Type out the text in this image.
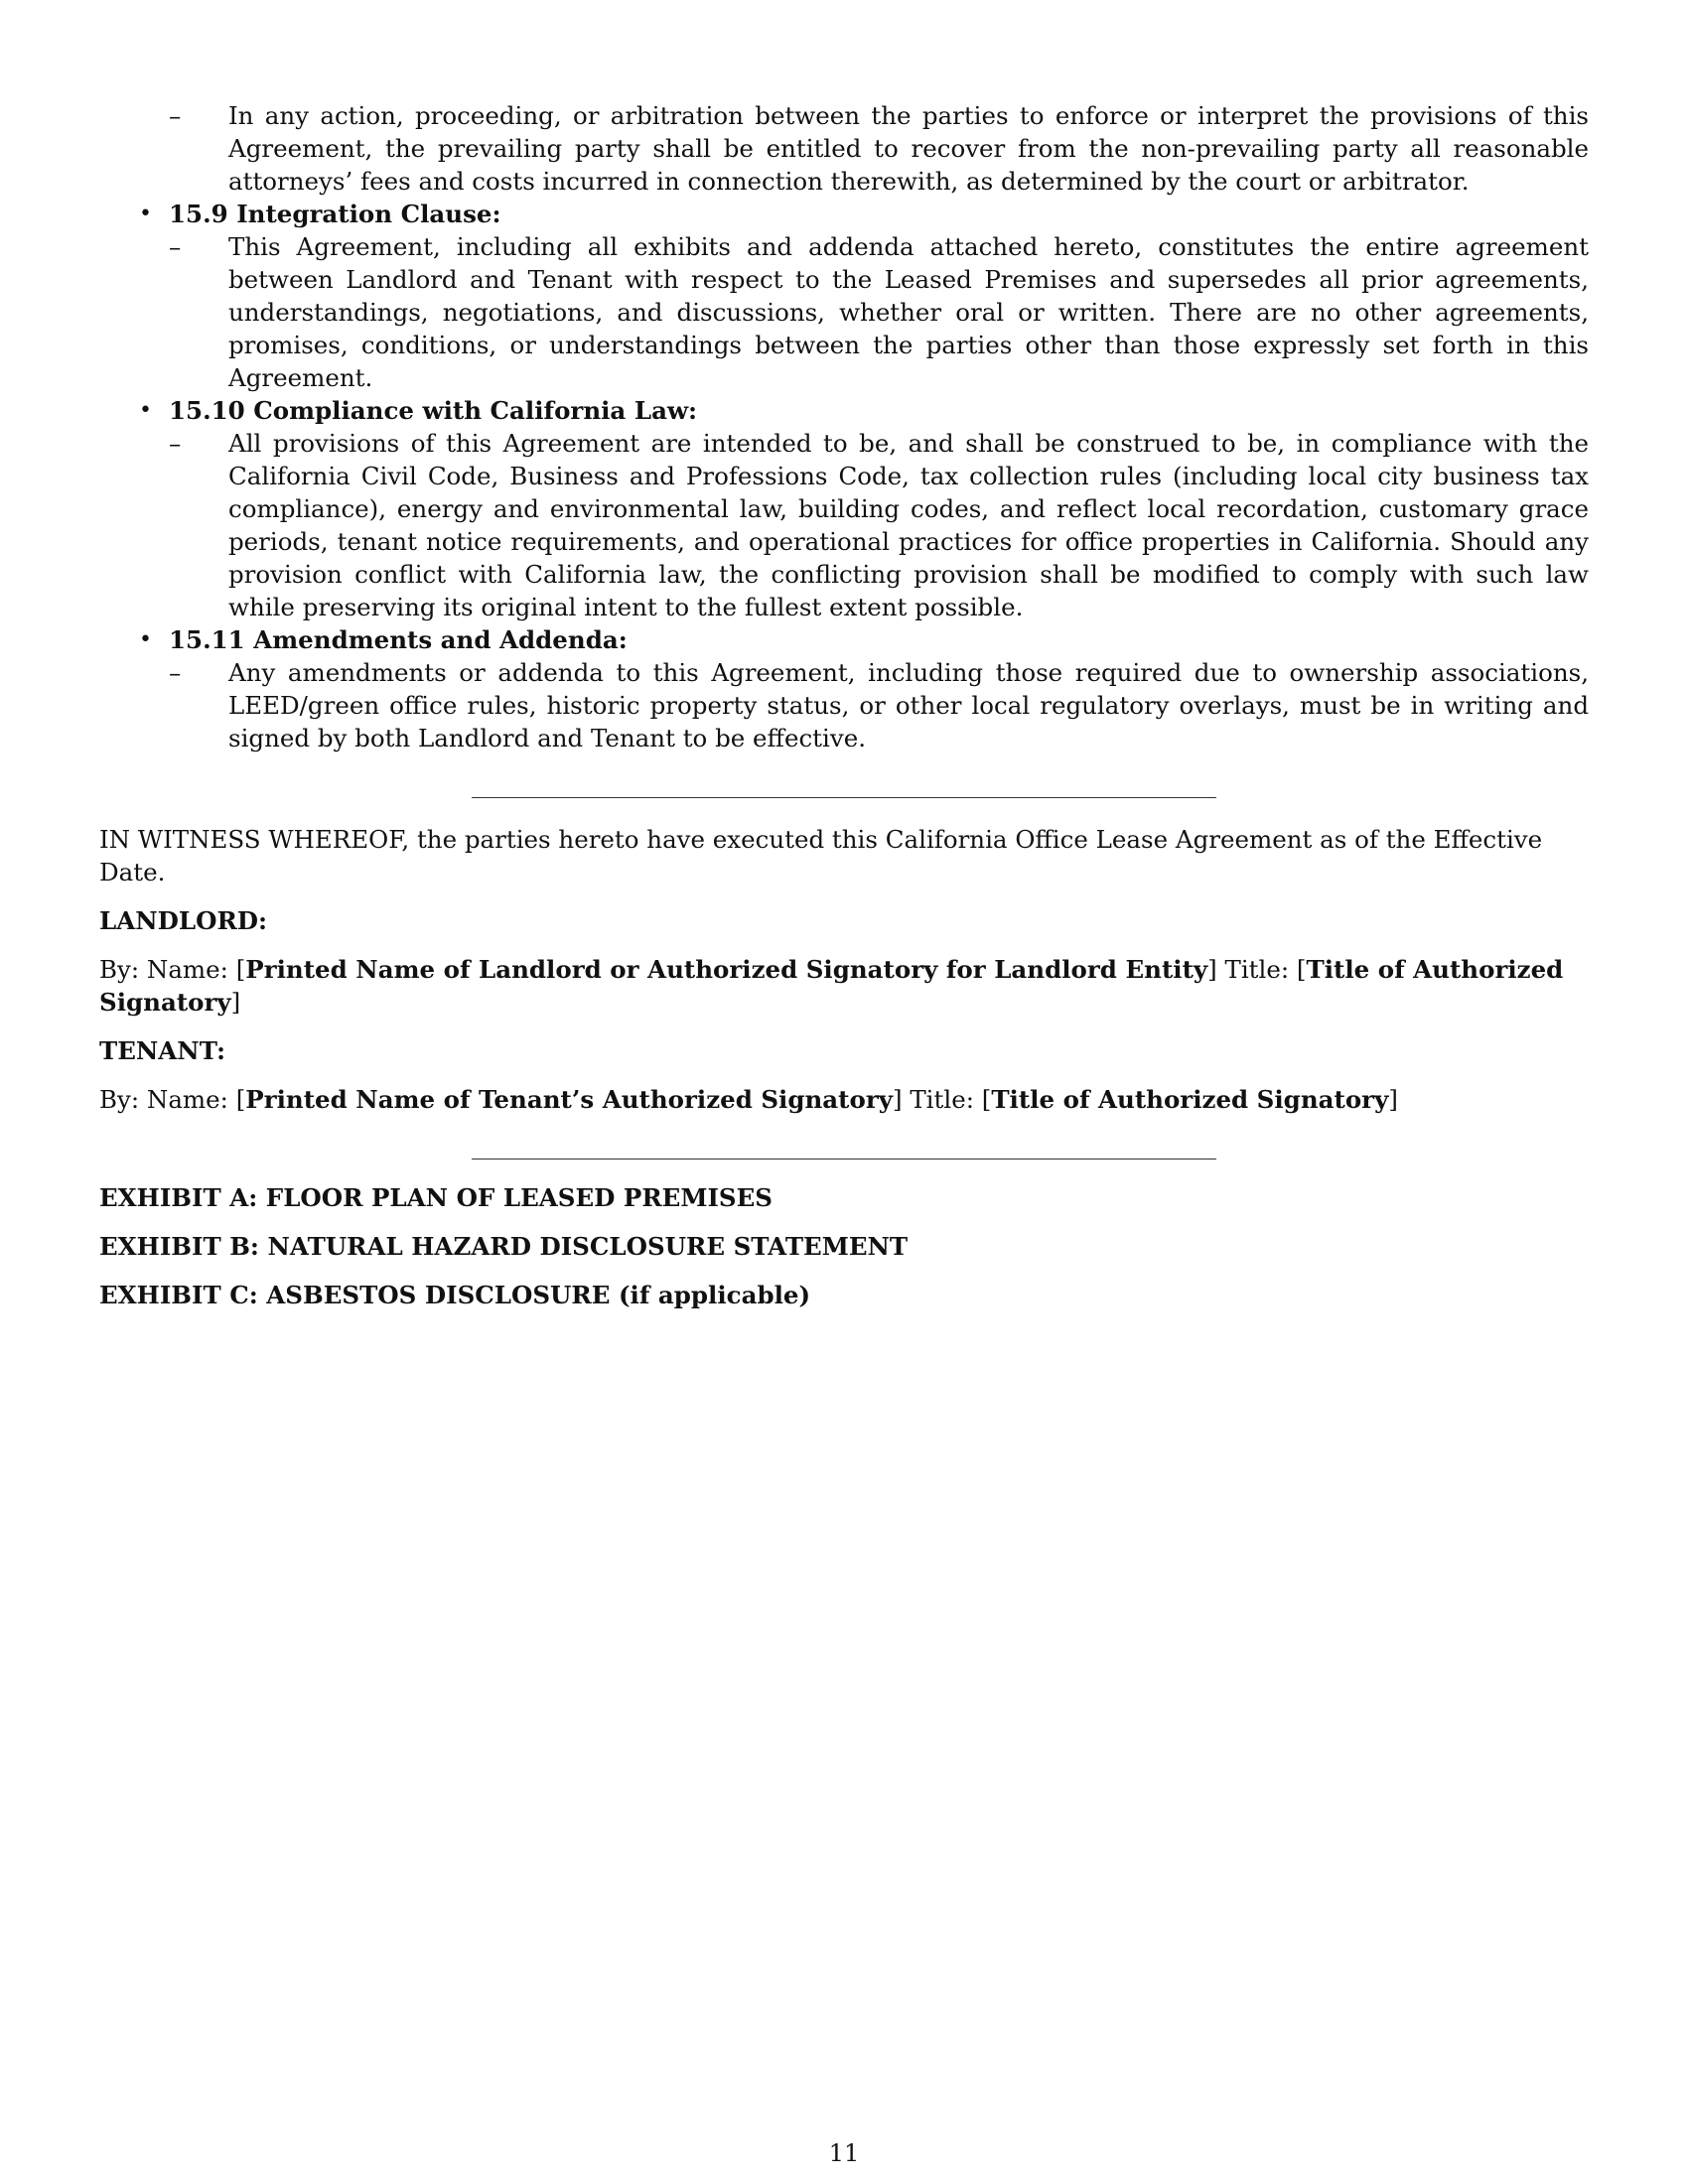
– In any action, proceeding, or arbitration between the parties to enforce or interpret the provisions of this Agreement, the prevailing party shall be entitled to recover from the non-prevailing party all reasonable attorneys’ fees and costs incurred in connection therewith, as determined by the court or arbitrator.
• 15.9 Integration Clause:
– This Agreement, including all exhibits and addenda attached hereto, constitutes the entire agreement between Landlord and Tenant with respect to the Leased Premises and supersedes all prior agreements, understandings, negotiations, and discussions, whether oral or written. There are no other agreements, promises, conditions, or understandings between the parties other than those expressly set forth in this Agreement.
• 15.10 Compliance with California Law:
– All provisions of this Agreement are intended to be, and shall be construed to be, in compliance with the California Civil Code, Business and Professions Code, tax collection rules (including local city business tax compliance), energy and environmental law, building codes, and reflect local recordation, customary grace periods, tenant notice requirements, and operational practices for office properties in California. Should any provision conflict with California law, the conflicting provision shall be modified to comply with such law while preserving its original intent to the fullest extent possible.
• 15.11 Amendments and Addenda:
– Any amendments or addenda to this Agreement, including those required due to ownership associations, LEED/green office rules, historic property status, or other local regulatory overlays, must be in writing and signed by both Landlord and Tenant to be effective.

IN WITNESS WHEREOF, the parties hereto have executed this California Office Lease Agreement as of the Effective Date.

LANDLORD:
By: Name: [Printed Name of Landlord or Authorized Signatory for Landlord Entity] Title: [Title of Authorized Signatory]
TENANT:
By: Name: [Printed Name of Tenant’s Authorized Signatory] Title: [Title of Authorized Signatory]
EXHIBIT A: FLOOR PLAN OF LEASED PREMISES
EXHIBIT B: NATURAL HAZARD DISCLOSURE STATEMENT
EXHIBIT C: ASBESTOS DISCLOSURE (if applicable)
11
